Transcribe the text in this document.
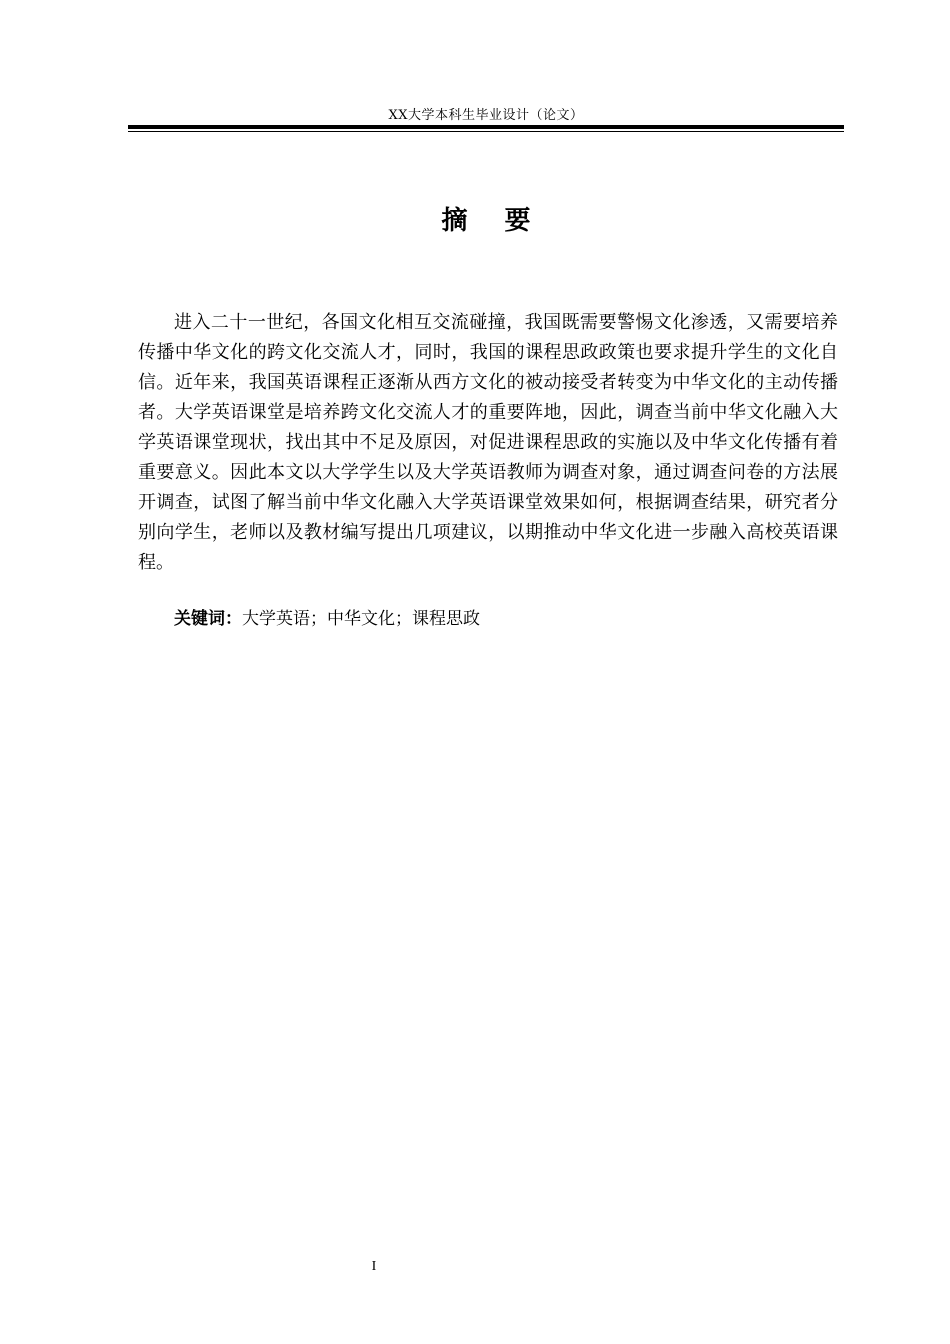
XX大学本科生毕业设计（论文）
摘 要

进入二十一世纪，各国文化相互交流碰撞，我国既需要警惕文化渗透，又需要培养传播中华文化的跨文化交流人才，同时，我国的课程思政政策也要求提升学生的文化自信。近年来，我国英语课程正逐渐从西方文化的被动接受者转变为中华文化的主动传播者。大学英语课堂是培养跨文化交流人才的重要阵地，因此，调查当前中华文化融入大学英语课堂现状，找出其中不足及原因，对促进课程思政的实施以及中华文化传播有着重要意义。因此本文以大学学生以及大学英语教师为调查对象，通过调查问卷的方法展开调查，试图了解当前中华文化融入大学英语课堂效果如何，根据调查结果，研究者分别向学生，老师以及教材编写提出几项建议，以期推动中华文化进一步融入高校英语课程。

关键词：大学英语；中华文化；课程思政
I
